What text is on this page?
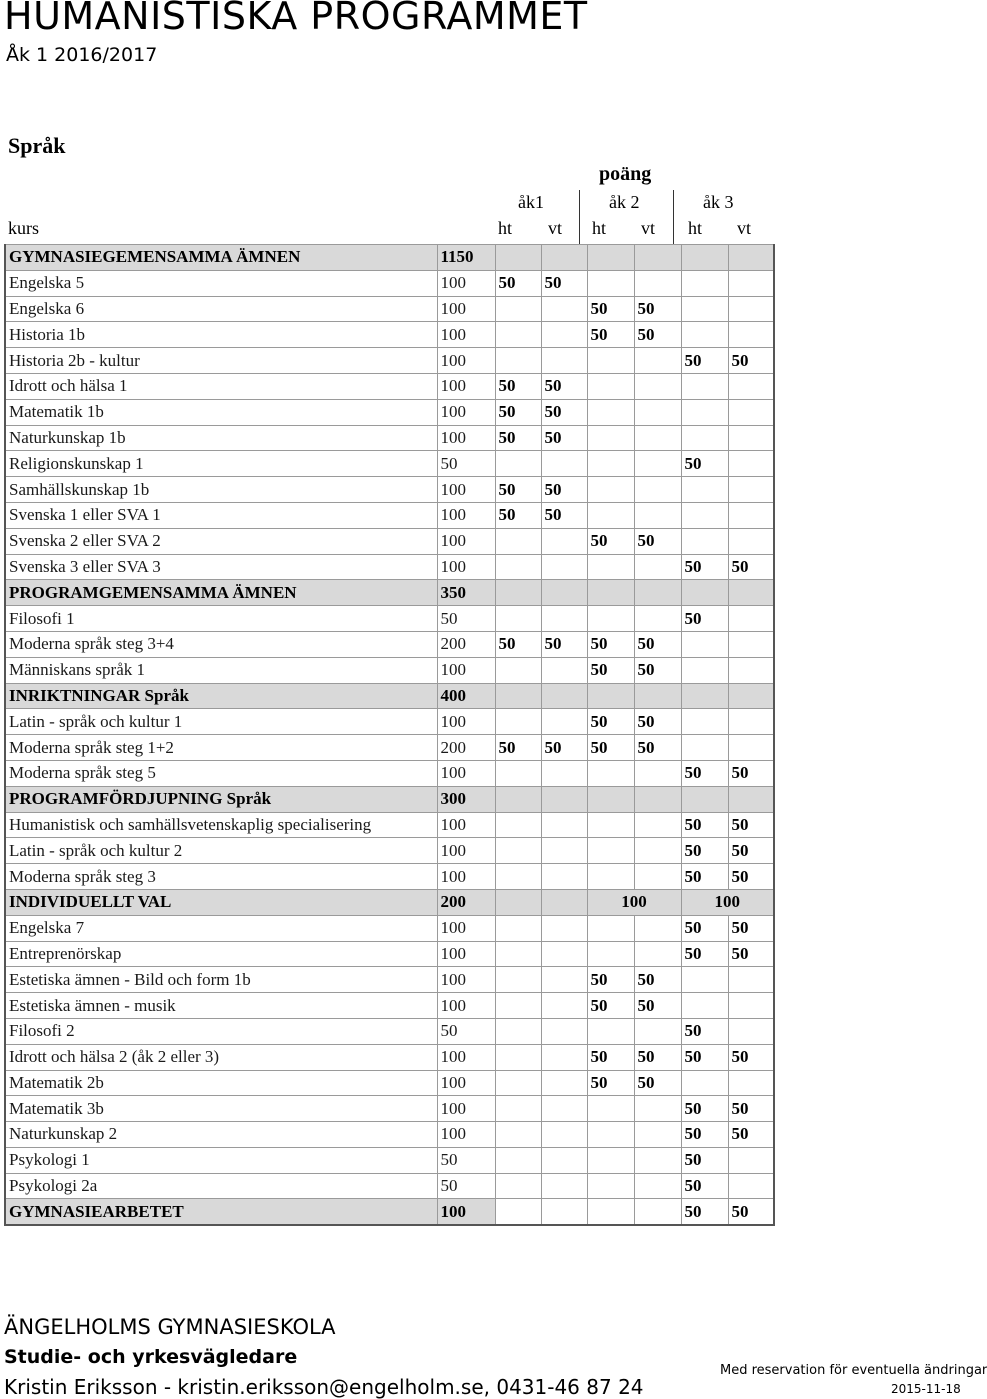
HUMANISTISKA PROGRAMMET
Åk 1 2016/2017
Språk
poäng
åk1	åk 2	åk 3
kurs	ht vt ht vt ht vt
GYMNASIEGEMENSAMMA ÄMNEN	1150						
Engelska 5	100	50	50				
Engelska 6	100			50	50		
Historia 1b	100			50	50		
Historia 2b - kultur	100					50	50
Idrott och hälsa 1	100	50	50				
Matematik 1b	100	50	50				
Naturkunskap 1b	100	50	50				
Religionskunskap 1	50					50	
Samhällskunskap 1b	100	50	50				
Svenska 1 eller SVA 1	100	50	50				
Svenska 2 eller SVA 2	100			50	50		
Svenska 3 eller SVA 3	100					50	50
PROGRAMGEMENSAMMA ÄMNEN	350						
Filosofi 1	50					50	
Moderna språk steg 3+4	200	50	50	50	50		
Människans språk 1	100			50	50		
INRIKTNINGAR Språk	400						
Latin - språk och kultur 1	100			50	50		
Moderna språk steg 1+2	200	50	50	50	50		
Moderna språk steg 5	100					50	50
PROGRAMFÖRDJUPNING Språk	300						
Humanistisk och samhällsvetenskaplig specialisering	100					50	50
Latin - språk och kultur 2	100					50	50
Moderna språk steg 3	100					50	50
INDIVIDUELLT VAL	200			100		100	
Engelska 7	100					50	50
Entreprenörskap	100					50	50
Estetiska ämnen - Bild och form 1b	100			50	50		
Estetiska ämnen - musik	100			50	50		
Filosofi 2	50					50	
Idrott och hälsa 2 (åk 2 eller 3)	100			50	50	50	50
Matematik 2b	100			50	50		
Matematik 3b	100					50	50
Naturkunskap 2	100					50	50
Psykologi 1	50					50	
Psykologi 2a	50					50	
GYMNASIEARBETET	100					50	50
ÄNGELHOLMS GYMNASIESKOLA
Studie- och yrkesvägledare
Kristin Eriksson - kristin.eriksson@engelholm.se, 0431-46 87 24
Med reservation för eventuella ändringar
2015-11-18
